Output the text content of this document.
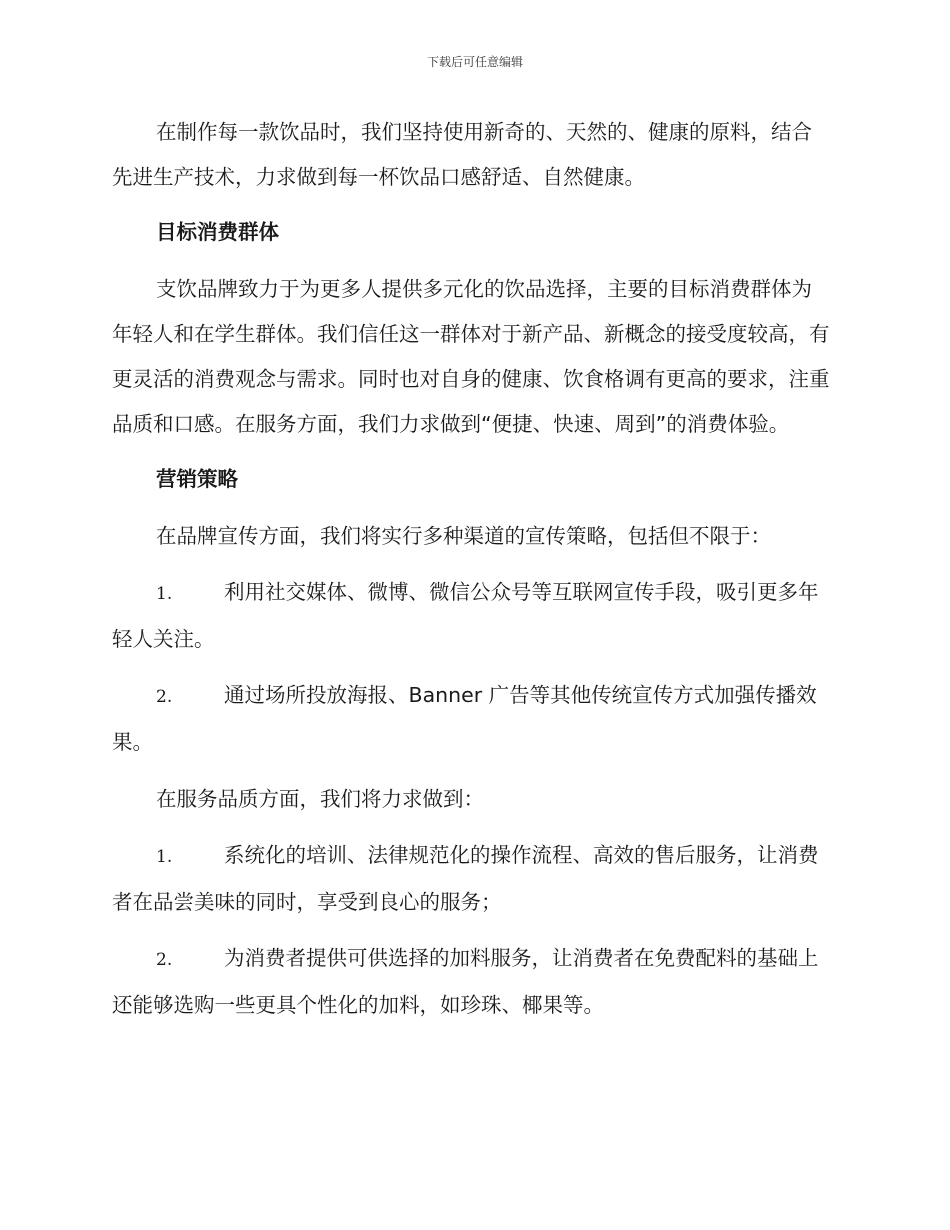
下载后可任意编辑

在制作每一款饮品时，我们坚持使用新奇的、天然的、健康的原料，结合先进生产技术，力求做到每一杯饮品口感舒适、自然健康。

目标消费群体

支饮品牌致力于为更多人提供多元化的饮品选择，主要的目标消费群体为年轻人和在学生群体。我们信任这一群体对于新产品、新概念的接受度较高，有更灵活的消费观念与需求。同时也对自身的健康、饮食格调有更高的要求，注重品质和口感。在服务方面，我们力求做到“便捷、快速、周到”的消费体验。

营销策略

在品牌宣传方面，我们将实行多种渠道的宣传策略，包括但不限于：

1.	利用社交媒体、微博、微信公众号等互联网宣传手段，吸引更多年轻人关注。

2.	通过场所投放海报、Banner 广告等其他传统宣传方式加强传播效果。

在服务品质方面，我们将力求做到：

1.	系统化的培训、法律规范化的操作流程、高效的售后服务，让消费者在品尝美味的同时，享受到良心的服务；

2.	为消费者提供可供选择的加料服务，让消费者在免费配料的基础上还能够选购一些更具个性化的加料，如珍珠、椰果等。
